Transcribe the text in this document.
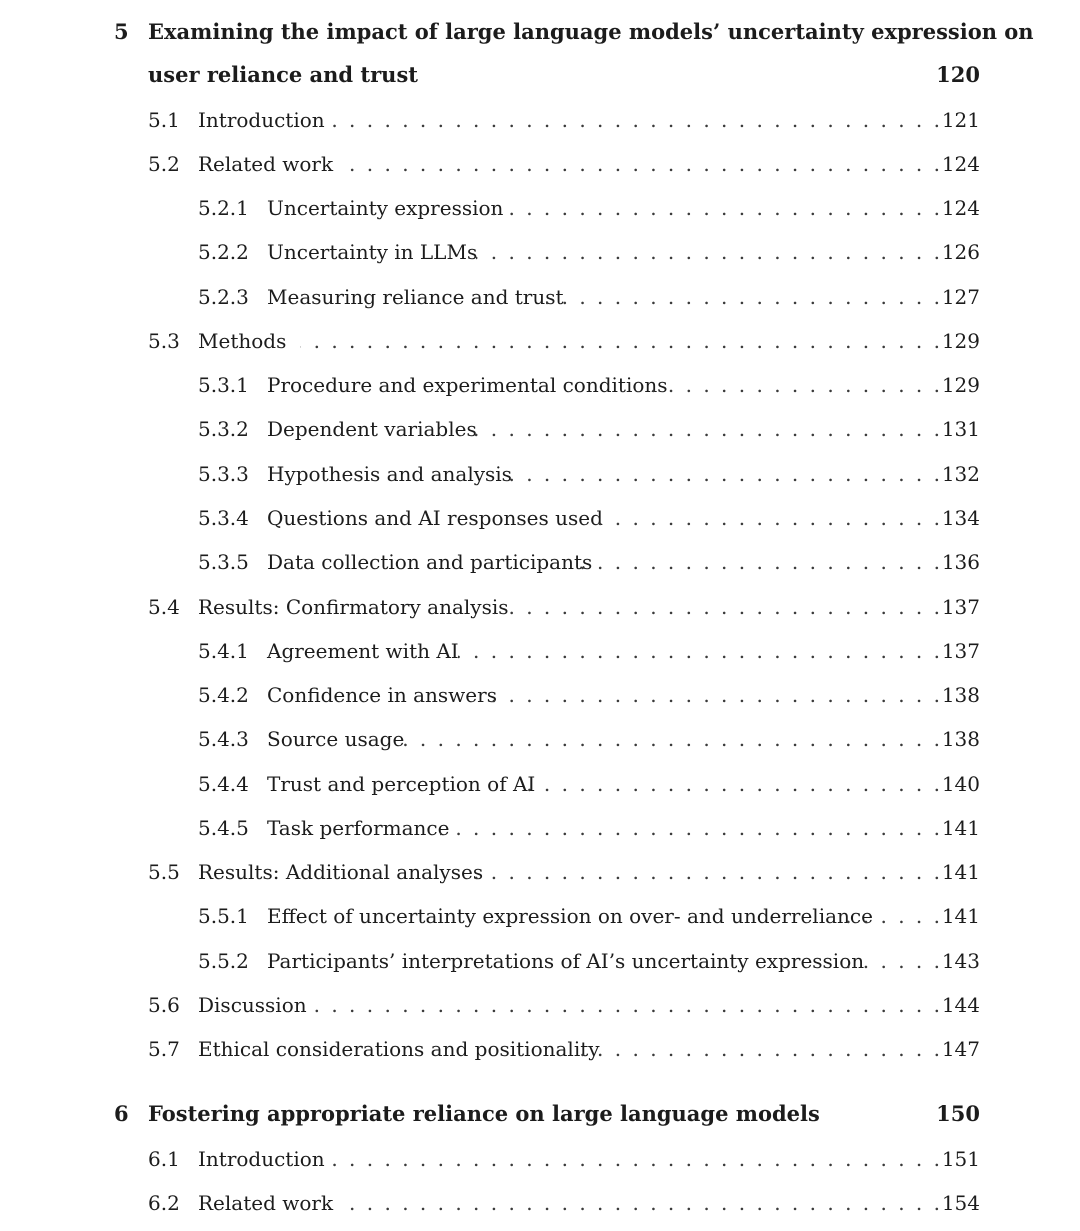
5 Examining the impact of large language models’ uncertainty expression on
user reliance and trust	120
5.1 Introduction . . .	121
5.2 Related work . . .	124
5.2.1 Uncertainty expression . . .	124
5.2.2 Uncertainty in LLMs . . .	126
5.2.3 Measuring reliance and trust . . .	127
5.3 Methods . . .	129
5.3.1 Procedure and experimental conditions . . .	129
5.3.2 Dependent variables . . .	131
5.3.3 Hypothesis and analysis . . .	132
5.3.4 Questions and AI responses used . . .	134
5.3.5 Data collection and participants . . .	136
5.4 Results: Confirmatory analysis . . .	137
5.4.1 Agreement with AI . . .	137
5.4.2 Confidence in answers . . .	138
5.4.3 Source usage . . .	138
5.4.4 Trust and perception of AI . . .	140
5.4.5 Task performance . . .	141
5.5 Results: Additional analyses . . .	141
5.5.1 Effect of uncertainty expression on over- and underreliance . . .	141
5.5.2 Participants’ interpretations of AI’s uncertainty expression . . .	143
5.6 Discussion . . .	144
5.7 Ethical considerations and positionality . . .	147
6 Fostering appropriate reliance on large language models	150
6.1 Introduction . . .	151
6.2 Related work . . .	154
